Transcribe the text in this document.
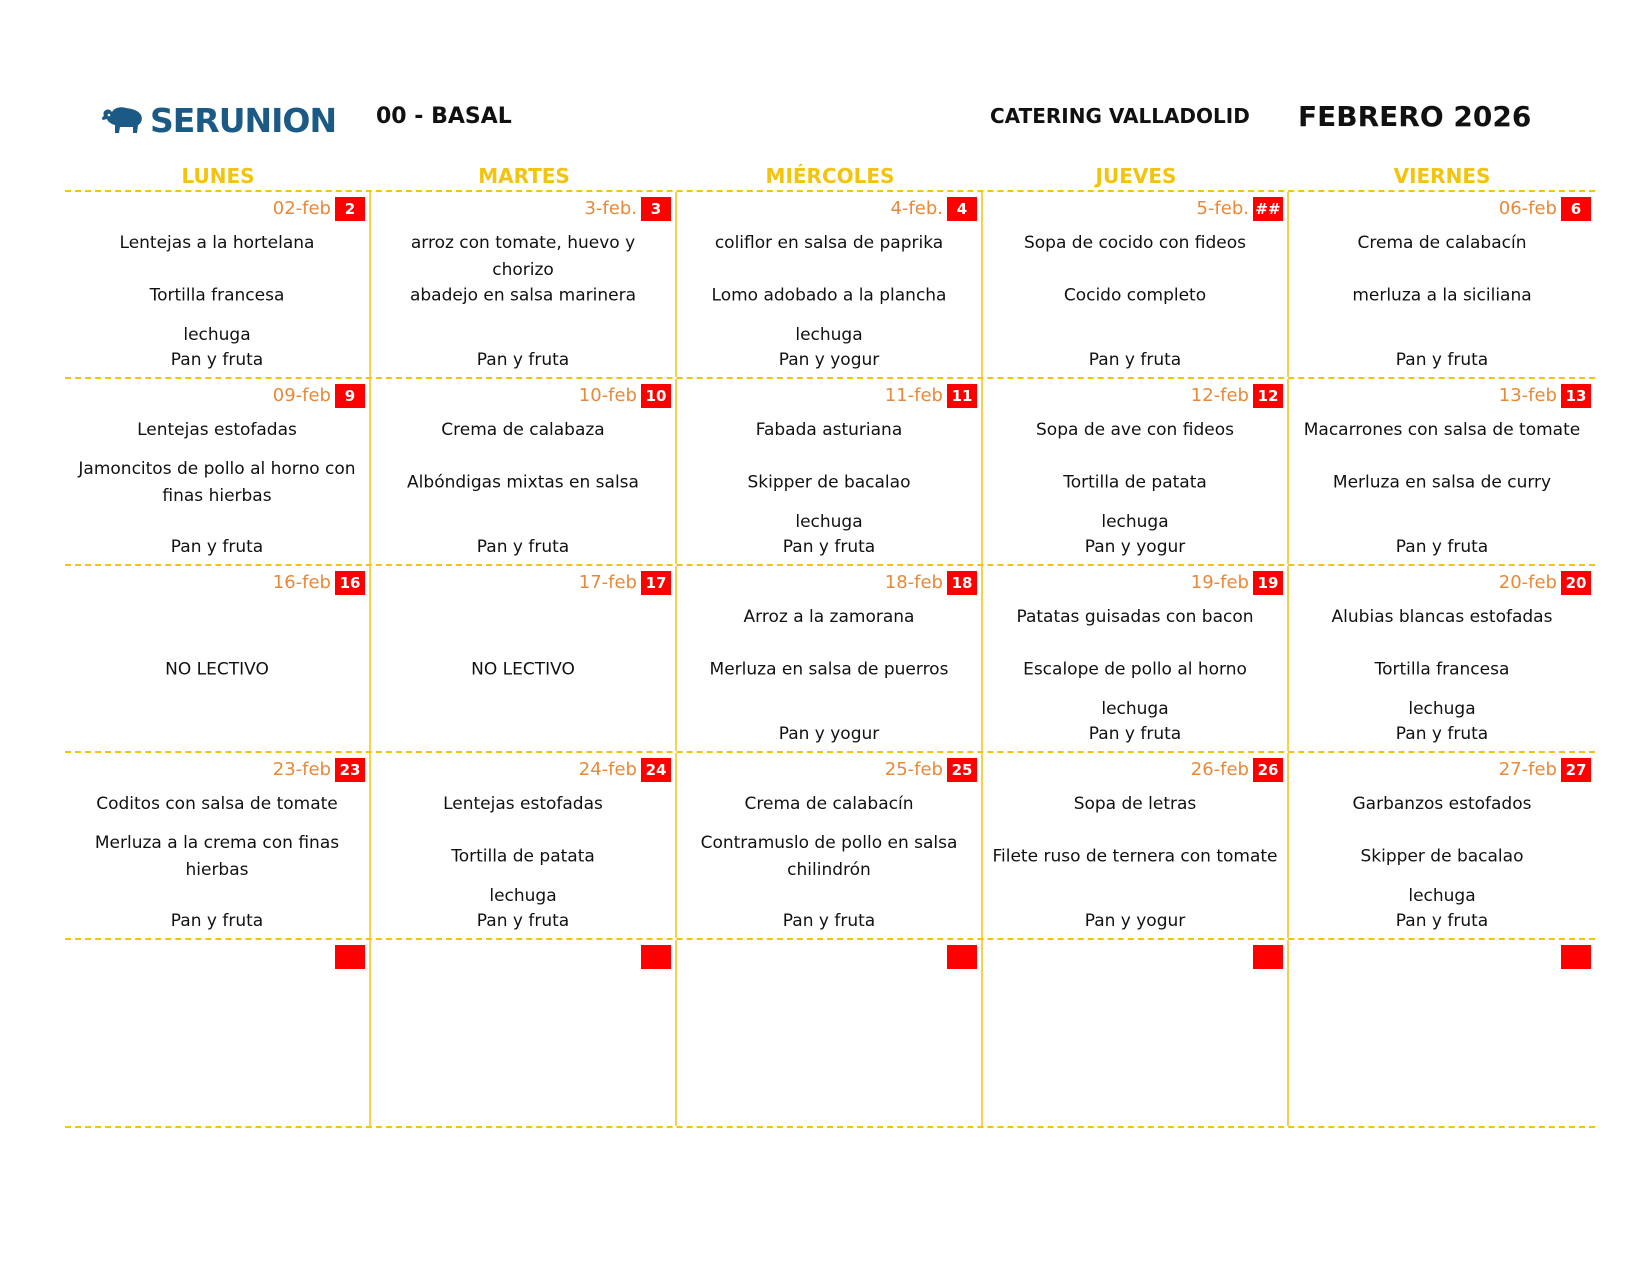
SERUNION 00 - BASAL	CATERING VALLADOLID FEBRERO 2026
LUNES	MARTES	MIÉRCOLES	JUEVES	VIERNES
02-feb 2
Lentejas a la hortelana
Tortilla francesa
lechuga
Pan y fruta
3-feb. 3
arroz con tomate, huevo y chorizo
abadejo en salsa marinera
Pan y fruta
4-feb. 4
coliflor en salsa de paprika
Lomo adobado a la plancha
lechuga
Pan y yogur
5-feb. ##
Sopa de cocido con fideos
Cocido completo
Pan y fruta
06-feb 6
Crema de calabacín
merluza a la siciliana
Pan y fruta
09-feb 9
Lentejas estofadas
Jamoncitos de pollo al horno con finas hierbas
Pan y fruta
10-feb 10
Crema de calabaza
Albóndigas mixtas en salsa
Pan y fruta
11-feb 11
Fabada asturiana
Skipper de bacalao
lechuga
Pan y fruta
12-feb 12
Sopa de ave con fideos
Tortilla de patata
lechuga
Pan y yogur
13-feb 13
Macarrones con salsa de tomate
Merluza en salsa de curry
Pan y fruta
16-feb 16
NO LECTIVO
17-feb 17
NO LECTIVO
18-feb 18
Arroz a la zamorana
Merluza en salsa de puerros
Pan y yogur
19-feb 19
Patatas guisadas con bacon
Escalope de pollo al horno
lechuga
Pan y fruta
20-feb 20
Alubias blancas estofadas
Tortilla francesa
lechuga
Pan y fruta
23-feb 23
Coditos con salsa de tomate
Merluza a la crema con finas hierbas
Pan y fruta
24-feb 24
Lentejas estofadas
Tortilla de patata
lechuga
Pan y fruta
25-feb 25
Crema de calabacín
Contramuslo de pollo en salsa chilindrón
Pan y fruta
26-feb 26
Sopa de letras
Filete ruso de ternera con tomate
Pan y yogur
27-feb 27
Garbanzos estofados
Skipper de bacalao
lechuga
Pan y fruta
